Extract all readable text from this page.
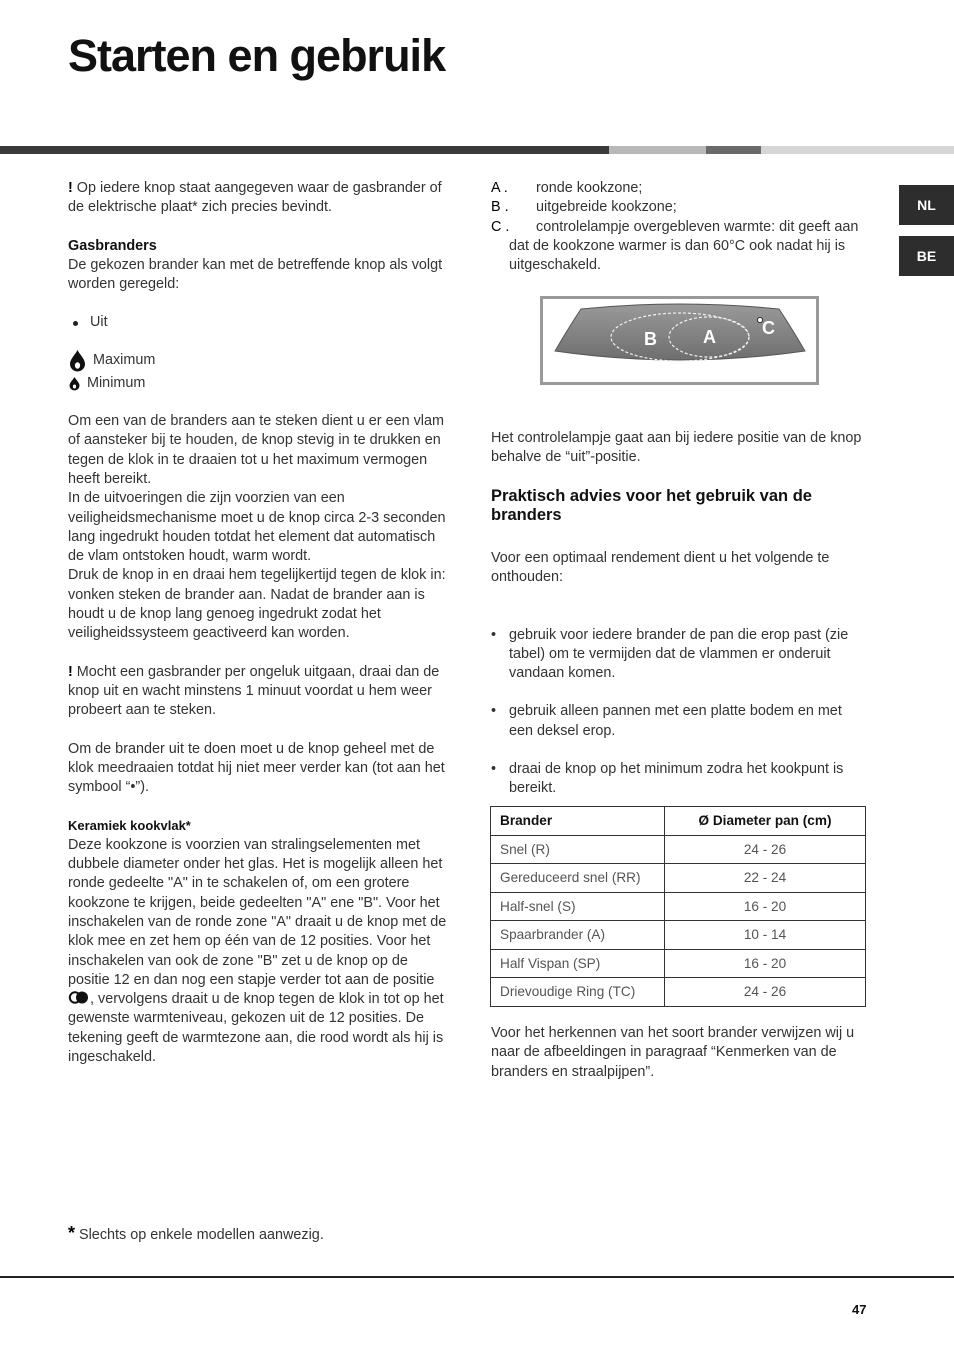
Starten en gebruik
NL
BE

! Op iedere knop staat aangegeven waar de gasbrander of de elektrische plaat* zich precies bevindt.

Gasbranders

De gekozen brander kan met de betreffende knop als volgt worden geregeld:

Uit
Maximum
Minimum

Om een van de branders aan te steken dient u er een vlam of aansteker bij te houden, de knop stevig in te drukken en tegen de klok in te draaien tot u het maximum vermogen heeft bereikt.

In de uitvoeringen die zijn voorzien van een veiligheidsmechanisme moet u de knop circa 2-3 seconden lang ingedrukt houden totdat het element dat automatisch de vlam ontstoken houdt, warm wordt.

Druk de knop in en draai hem tegelijkertijd tegen de klok in: vonken steken de brander aan. Nadat de brander aan is houdt u de knop lang genoeg ingedrukt zodat het veiligheidssysteem geactiveerd kan worden.

! Mocht een gasbrander per ongeluk uitgaan, draai dan de knop uit en wacht minstens 1 minuut voordat u hem weer probeert aan te steken.

Om de brander uit te doen moet u de knop geheel met de klok meedraaien totdat hij niet meer verder kan (tot aan het symbool “•”).

Keramiek kookvlak*

Deze kookzone is voorzien van stralingselementen met dubbele diameter onder het glas. Het is mogelijk alleen het ronde gedeelte "A" in te schakelen of, om een grotere kookzone te krijgen, beide gedeelten "A" ene "B". Voor het inschakelen van de ronde zone "A" draait u de knop met de klok mee en zet hem op één van de 12 posities. Voor het inschakelen van ook de zone "B" zet u de knop op de positie 12 en dan nog een stapje verder tot aan de positie , vervolgens draait u de knop tegen de klok in tot op het gewenste warmteniveau, gekozen uit de 12 posities. De tekening geeft de warmtezone aan, die rood wordt als hij is ingeschakeld.

* Slechts op enkele modellen aanwezig.
A . ronde kookzone;
B . uitgebreide kookzone;
C . controlelampje overgebleven warmte: dit geeft aan dat de kookzone warmer is dan 60°C ook nadat hij is uitgeschakeld.
B	A	C
Het controlelampje gaat aan bij iedere positie van de knop behalve de “uit”-positie.
Praktisch advies voor het gebruik van de branders

Voor een optimaal rendement dient u het volgende te onthouden:

• gebruik voor iedere brander de pan die erop past (zie tabel) om te vermijden dat de vlammen er onderuit vandaan komen.
• gebruik alleen pannen met een platte bodem en met een deksel erop.
• draai de knop op het minimum zodra het kookpunt is bereikt.
Brander	Ø Diameter pan (cm)
Snel (R)	24 - 26
Gereduceerd snel (RR)	22 - 24
Half-snel (S)	16 - 20
Spaarbrander (A)	10 - 14
Half Vispan (SP)	16 - 20
Drievoudige Ring (TC)	24 - 26
Voor het herkennen van het soort brander verwijzen wij u naar de afbeeldingen in paragraaf “Kenmerken van de branders en straalpijpen”.
47
